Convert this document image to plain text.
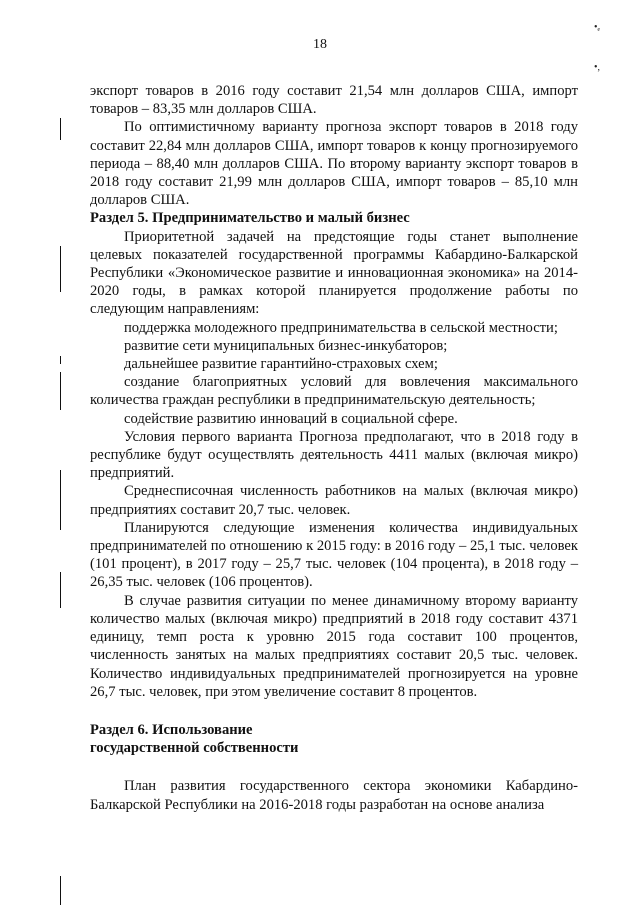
18
•ₑ
•,

экспорт товаров в 2016 году составит 21,54 млн долларов США, импорт товаров – 83,35 млн долларов США.

По оптимистичному варианту прогноза экспорт товаров в 2018 году составит 22,84 млн долларов США, импорт товаров к концу прогнозируемого периода – 88,40 млн долларов США. По второму варианту экспорт товаров в 2018 году составит 21,99 млн долларов США, импорт товаров – 85,10 млн долларов США.

Раздел 5. Предпринимательство и малый бизнес

Приоритетной задачей на предстоящие годы станет выполнение целевых показателей государственной программы Кабардино-Балкарской Республики «Экономическое развитие и инновационная экономика» на 2014-2020 годы, в рамках которой планируется продолжение работы по следующим направлениям:

поддержка молодежного предпринимательства в сельской местности;

развитие сети муниципальных бизнес-инкубаторов;

дальнейшее развитие гарантийно-страховых схем;

создание благоприятных условий для вовлечения максимального количества граждан республики в предпринимательскую деятельность;

содействие развитию инноваций в социальной сфере.

Условия первого варианта Прогноза предполагают, что в 2018 году в республике будут осуществлять деятельность 4411 малых (включая микро) предприятий.

Среднесписочная численность работников на малых (включая микро) предприятиях составит 20,7 тыс. человек.

Планируются следующие изменения количества индивидуальных предпринимателей по отношению к 2015 году: в 2016 году – 25,1 тыс. человек (101 процент), в 2017 году – 25,7 тыс. человек (104 процента), в 2018 году –26,35 тыс. человек (106 процентов).

В случае развития ситуации по менее динамичному второму варианту количество малых (включая микро) предприятий в 2018 году составит 4371 единицу, темп роста к уровню 2015 года составит 100 процентов, численность занятых на малых предприятиях составит 20,5 тыс. человек. Количество индивидуальных предпринимателей прогнозируется на уровне 26,7 тыс. человек, при этом увеличение составит 8 процентов.

Раздел 6. Использование

государственной собственности

План развития государственного сектора экономики Кабардино-Балкарской Республики на 2016-2018 годы разработан на основе анализа
